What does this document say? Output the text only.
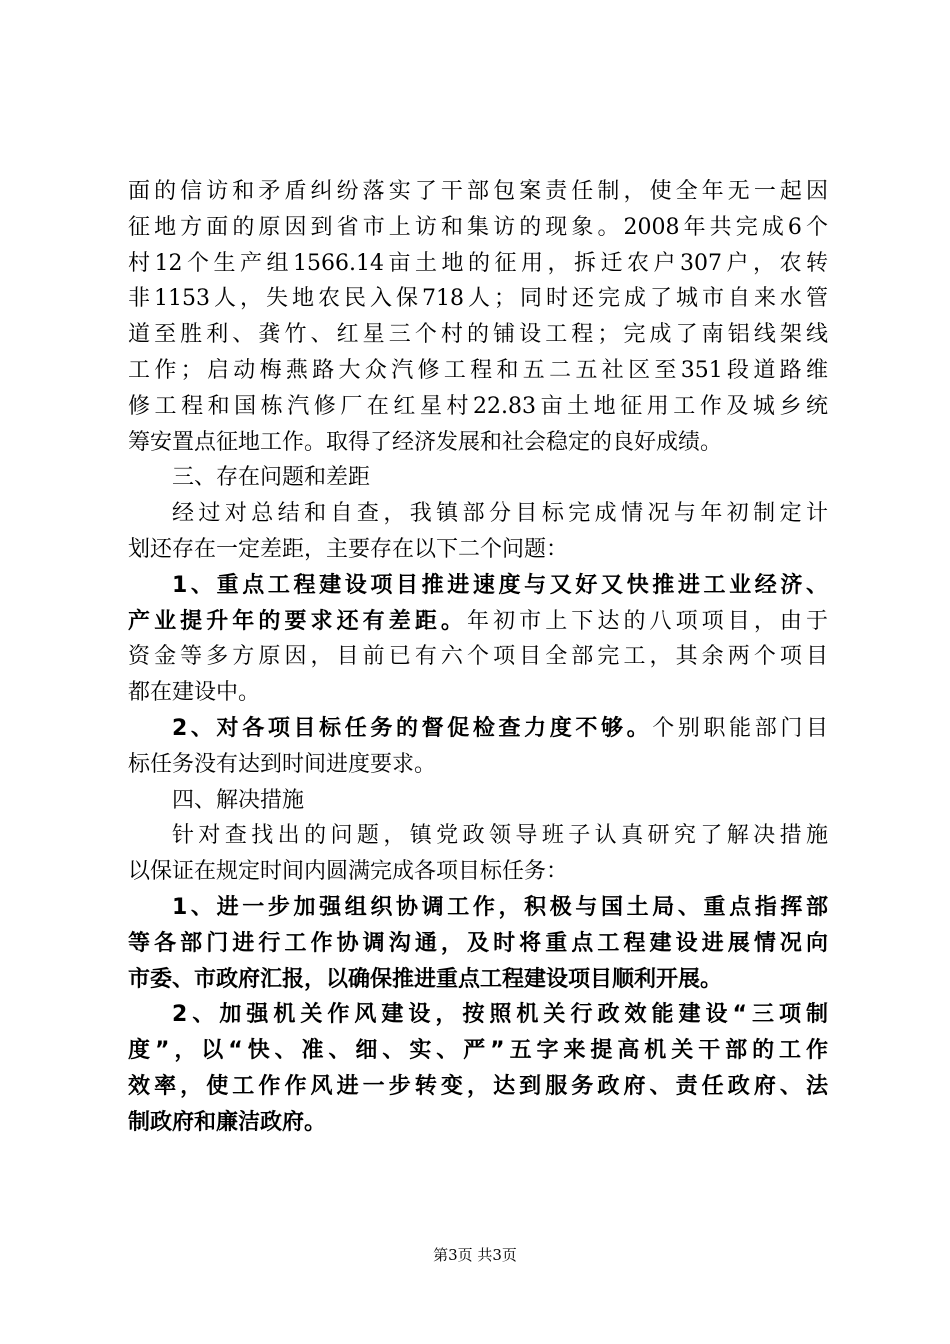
面的信访和矛盾纠纷落实了干部包案责任制，使全年无一起因
征地方面的原因到省市上访和集访的现象。2008年共完成6个
村12个生产组1566.14亩土地的征用，拆迁农户307户，农转
非1153人，失地农民入保718人；同时还完成了城市自来水管
道至胜利、龚竹、红星三个村的铺设工程；完成了南铝线架线
工作；启动梅燕路大众汽修工程和五二五社区至351段道路维
修工程和国栋汽修厂在红星村22.83亩土地征用工作及城乡统
筹安置点征地工作。取得了经济发展和社会稳定的良好成绩。
三、存在问题和差距
经过对总结和自查，我镇部分目标完成情况与年初制定计
划还存在一定差距，主要存在以下二个问题：
1、重点工程建设项目推进速度与又好又快推进工业经济、
产业提升年的要求还有差距。年初市上下达的八项项目，由于
资金等多方原因，目前已有六个项目全部完工，其余两个项目
都在建设中。
2、对各项目标任务的督促检查力度不够。个别职能部门目
标任务没有达到时间进度要求。
四、解决措施
针对查找出的问题，镇党政领导班子认真研究了解决措施
以保证在规定时间内圆满完成各项目标任务：
1、进一步加强组织协调工作，积极与国土局、重点指挥部
等各部门进行工作协调沟通，及时将重点工程建设进展情况向
市委、市政府汇报，以确保推进重点工程建设项目顺利开展。
2、加强机关作风建设，按照机关行政效能建设“三项制
度”，以“快、准、细、实、严”五字来提高机关干部的工作
效率，使工作作风进一步转变，达到服务政府、责任政府、法
制政府和廉洁政府。
第3页 共3页
